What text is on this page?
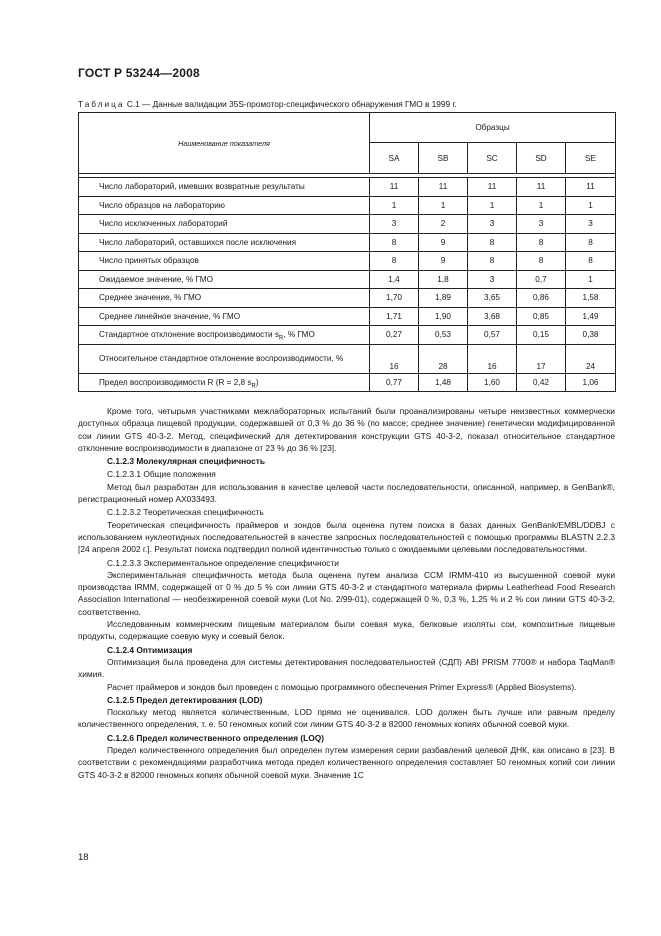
ГОСТ Р 53244—2008
Таблица С.1 — Данные валидации 35S-промотор-специфического обнаружения ГМО в 1999 г.
Наименование показателя	Образцы				
	SA	SB	SC	SD	SE

Число лабораторий, имевших возвратные результаты	11	11	11	11	11
Число образцов на лабораторию	1	1	1	1	1
Число исключенных лабораторий	3	2	3	3	3
Число лабораторий, оставшихся после исключения	8	9	8	8	8
Число принятых образцов	8	9	8	8	8
Ожидаемое значение, % ГМО	1,4	1,8	3	0,7	1
Среднее значение, % ГМО	1,70	1,89	3,65	0,86	1,58
Среднее линейное значение, % ГМО	1,71	1,90	3,68	0,85	1,49
Стандартное отклонение воспроизводимости $s_R$, % ГМО	0,27	0,53	0,57	0,15	0,38
Относительное стандартное отклонение воспроизводимости, %	16	28	16	17	24
Предел воспроизводимости R (R = 2,8 $s_R$)	0,77	1,48	1,60	0,42	1,06

Кроме того, четырьмя участниками межлабораторных испытаний были проанализированы четыре неизвестных коммерчески доступных образца пищевой продукции, содержавшей от 0,3 % до 36 % (по массе; среднее значение) генетически модифицированной сои линии GTS 40-3-2. Метод, специфический для детектирования конструкции GTS 40-3-2, показал относительное стандартное отклонение воспроизводимости в диапазоне от 23 % до 36 % [23].

С.1.2.3 Молекулярная специфичность

С.1.2.3.1 Общие положения

Метод был разработан для использования в качестве целевой части последовательности, описанной, например, в GenBank®, регистрационный номер AX033493.

С.1.2.3.2 Теоретическая специфичность

Теоретическая специфичность праймеров и зондов была оценена путем поиска в базах данных GenBank/EMBL/DDBJ с использованием нуклеотидных последовательностей в качестве запросных последовательностей с помощью программы BLASTN 2.2.3 [24 апреля 2002 г.]. Результат поиска подтвердил полной идентичностью только с ожидаемыми целевыми последовательностями.

С.1.2.3.3 Экспериментальное определение специфичности

Экспериментальная специфичность метода была оценена путем анализа CCM IRMM-410 из высушенной соевой муки производства IRMM, содержащей от 0 % до 5 % сои линии GTS 40-3-2 и стандартного материала фирмы Leatherhead Food Research Association International — необезжиренной соевой муки (Lot No. 2/99-01), содержащей 0 %, 0,3 %, 1,25 % и 2 % сои линии GTS 40-3-2, соответственно.

Исследованным коммерческим пищевым материалом были соевая мука, белковые изоляты сои, композитные пищевые продукты, содержащие соевую муку и соевый белок.

С.1.2.4 Оптимизация

Оптимизация была проведена для системы детектирования последовательностей (СДП) ABI PRISM 7700® и набора TaqMan® химия.

Расчет праймеров и зондов был проведен с помощью программного обеспечения Primer Express® (Applied Biosystems).

С.1.2.5 Предел детектирования (LOD)

Поскольку метод является количественным, LOD прямо не оценивался. LOD должен быть лучше или равным пределу количественного определения, т. е. 50 геномных копий сои линии GTS 40-3-2 в 82000 геномных копиях обычной соевой муки.

С.1.2.6 Предел количественного определения (LOQ)

Предел количественного определения был определен путем измерения серии разбавлений целевой ДНК, как описано в [23]. В соответствии с рекомендациями разработчика метода предел количественного определения составляет 50 геномных копий сои линии GTS 40-3-2 в 82000 геномных копиях обычной соевой муки. Значение 1С

18
